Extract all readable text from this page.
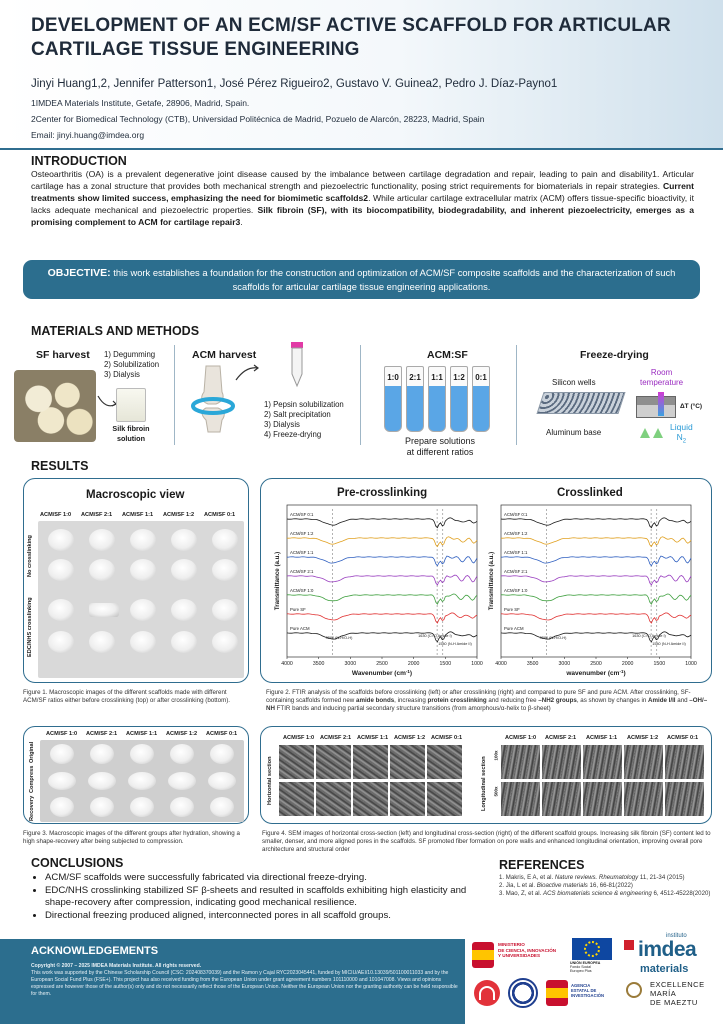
DEVELOPMENT OF AN ECM/SF ACTIVE SCAFFOLD FOR ARTICULAR
CARTILAGE TISSUE ENGINEERING
Jinyi Huang1,2, Jennifer Patterson1, José Pérez Rigueiro2, Gustavo V. Guinea2, Pedro J. Díaz-Payno1
1IMDEA Materials Institute, Getafe, 28906, Madrid, Spain.
2Center for Biomedical Technology (CTB), Universidad Politécnica de Madrid, Pozuelo de Alarcón, 28223, Madrid, Spain
Email: jinyi.huang@imdea.org
INTRODUCTION
Osteoarthritis (OA) is a prevalent degenerative joint disease caused by the imbalance between cartilage degradation and repair, leading to pain and disability1. Articular cartilage has a zonal structure that provides both mechanical strength and piezoelectric functionality, posing strict requirements for biomaterials in repair strategies. Current treatments show limited success, emphasizing the need for biomimetic scaffolds2. While articular cartilage extracellular matrix (ACM) offers tissue-specific bioactivity, it lacks adequate mechanical and piezoelectric properties. Silk fibroin (SF), with its biocompatibility, biodegradability, and inherent piezoelectricity, emerges as a promising complement to ACM for cartilage repair3.
OBJECTIVE: this work establishes a foundation for the construction and optimization of ACM/SF composite scaffolds and the characterization of such scaffolds for articular cartilage tissue engineering applications.
MATERIALS AND METHODS
SF harvest 1) Degumming
2) Solubilization
3) Dialysis
Silk fibroin
solution
ACM harvest
1) Pepsin solubilization
2) Salt precipitation
3) Dialysis
4) Freeze-drying
ACM:SF
1:0 2:1 1:1 1:2 0:1
Prepare solutions
at different ratios
Freeze-drying
Silicon wells
Aluminum base
Room
temperature
ΔT (°C)
Liquid
$N_2$
RESULTS
Macroscopic view
ACM/SF 1:0 ACM/SF 2:1 ACM/SF 1:1 ACM/SF 1:2 ACM/SF 0:1
No crosslinking
EDC/NHS crosslinking
Figure 1. Macroscopic images of the different scaffolds made with different ACM/SF ratios either before crosslinking (top) or after crosslinking (bottom).
Pre-crosslinking	Crosslinked
4000	3500	3000	2500	2000	1500	1000
ACM/SF 0:1
ACM/SF 1:2
ACM/SF 1:1
ACM/SF 2:1
ACM/SF 1:0
Pure SF
Pure ACM
3280 (N-H/O-H)	1630 (C=O Amide I)
1540 (N-H Amide II)
Wavenumber $(cm^{-1})$
Transmittance (a.u.)
4000	3500	3000	2500	2000	1500	1000
ACM/SF 0:1
ACM/SF 1:2
ACM/SF 1:1
ACM/SF 2:1
ACM/SF 1:0
Pure SF
Pure ACM
3280 (N-H/O-H)	1630 (C=O Amide I)
1540 (N-H Amide II)
wavenumber $(cm^{-1})$
Transmittance (a.u.)
Figure 2. FTIR analysis of the scaffolds before crosslinking (left) or after crosslinking (right) and compared to pure SF and pure ACM. After crosslinking, SF-containing scaffolds formed new amide bonds, increasing protein crosslinking and reducing free –NH2 groups, as shown by changes in Amide I/II and –OH/–NH FTIR bands and inducing partial secondary structure transitions (from amorphous/α-helix to β-sheet)
ACM/SF 1:0 ACM/SF 2:1 ACM/SF 1:1 ACM/SF 1:2 ACM/SF 0:1
Original
Compress
Recovery
Figure 3. Macroscopic images of the different groups after hydration, showing a high shape-recovery after being subjected to compression.
ACM/SF 1:0 ACM/SF 2:1 ACM/SF 1:1 ACM/SF 1:2 ACM/SF 0:1
Horizontal section	Longitudinal section
ACM/SF 1:0 ACM/SF 2:1 ACM/SF 1:1 ACM/SF 1:2 ACM/SF 0:1
100x
500x
Figure 4. SEM images of horizontal cross-section (left) and longitudinal cross-section (right) of the different scaffold groups. Increasing silk fibroin (SF) content led to smaller, denser, and more aligned pores in the scaffolds. SF promoted fiber formation on pore walls and enhanced longitudinal orientation, improving overall pore architecture and structural order
CONCLUSIONS
• ACM/SF scaffolds were successfully fabricated via directional freeze-drying.
• EDC/NHS crosslinking stabilized SF β-sheets and resulted in scaffolds exhibiting high elasticity and shape-recovery after compression, indicating good mechanical resilience.
• Directional freezing produced aligned, interconnected pores in all scaffold groups.
REFERENCES
1. Makris, E A, et al. Nature reviews. Rheumatology 11, 21-34 (2015)
2. Jia, L et al. Bioactive materials 16, 66-81(2022)
3. Mao, Z, et al. ACS biomaterials science & engineering 6, 4512-45228(2020)
ACKNOWLEDGEMENTS
Copyright © 2007 – 2025 IMDEA Materials Institute. All rights reserved.
This work was supported by the Chinese Scholarship Council (CSC: 202408370039) and the Ramon y Cajal RYC2023045441, funded by MICIU/AEI/10.13039/501100011033 and by the European Social Fund Plus (FSE+). This project has also received funding from the European Union under grant agreement numbers 101110000 and 101047008. Views and opinions expressed are however those of the author(s) only and do not necessarily reflect those of the European Union. Neither the European Union nor the granting authority can be held responsible for them.
MINISTERIO
DE CIENCIA, INNOVACIÓN
Y UNIVERSIDADES
UNIÓN EUROPEA
Fondo Social
Europeo Plus
instituto
imdea
materials
AGENCIA
ESTATAL DE
INVESTIGACIÓN
EXCELLENCE
MARÍA
DE MAEZTU
